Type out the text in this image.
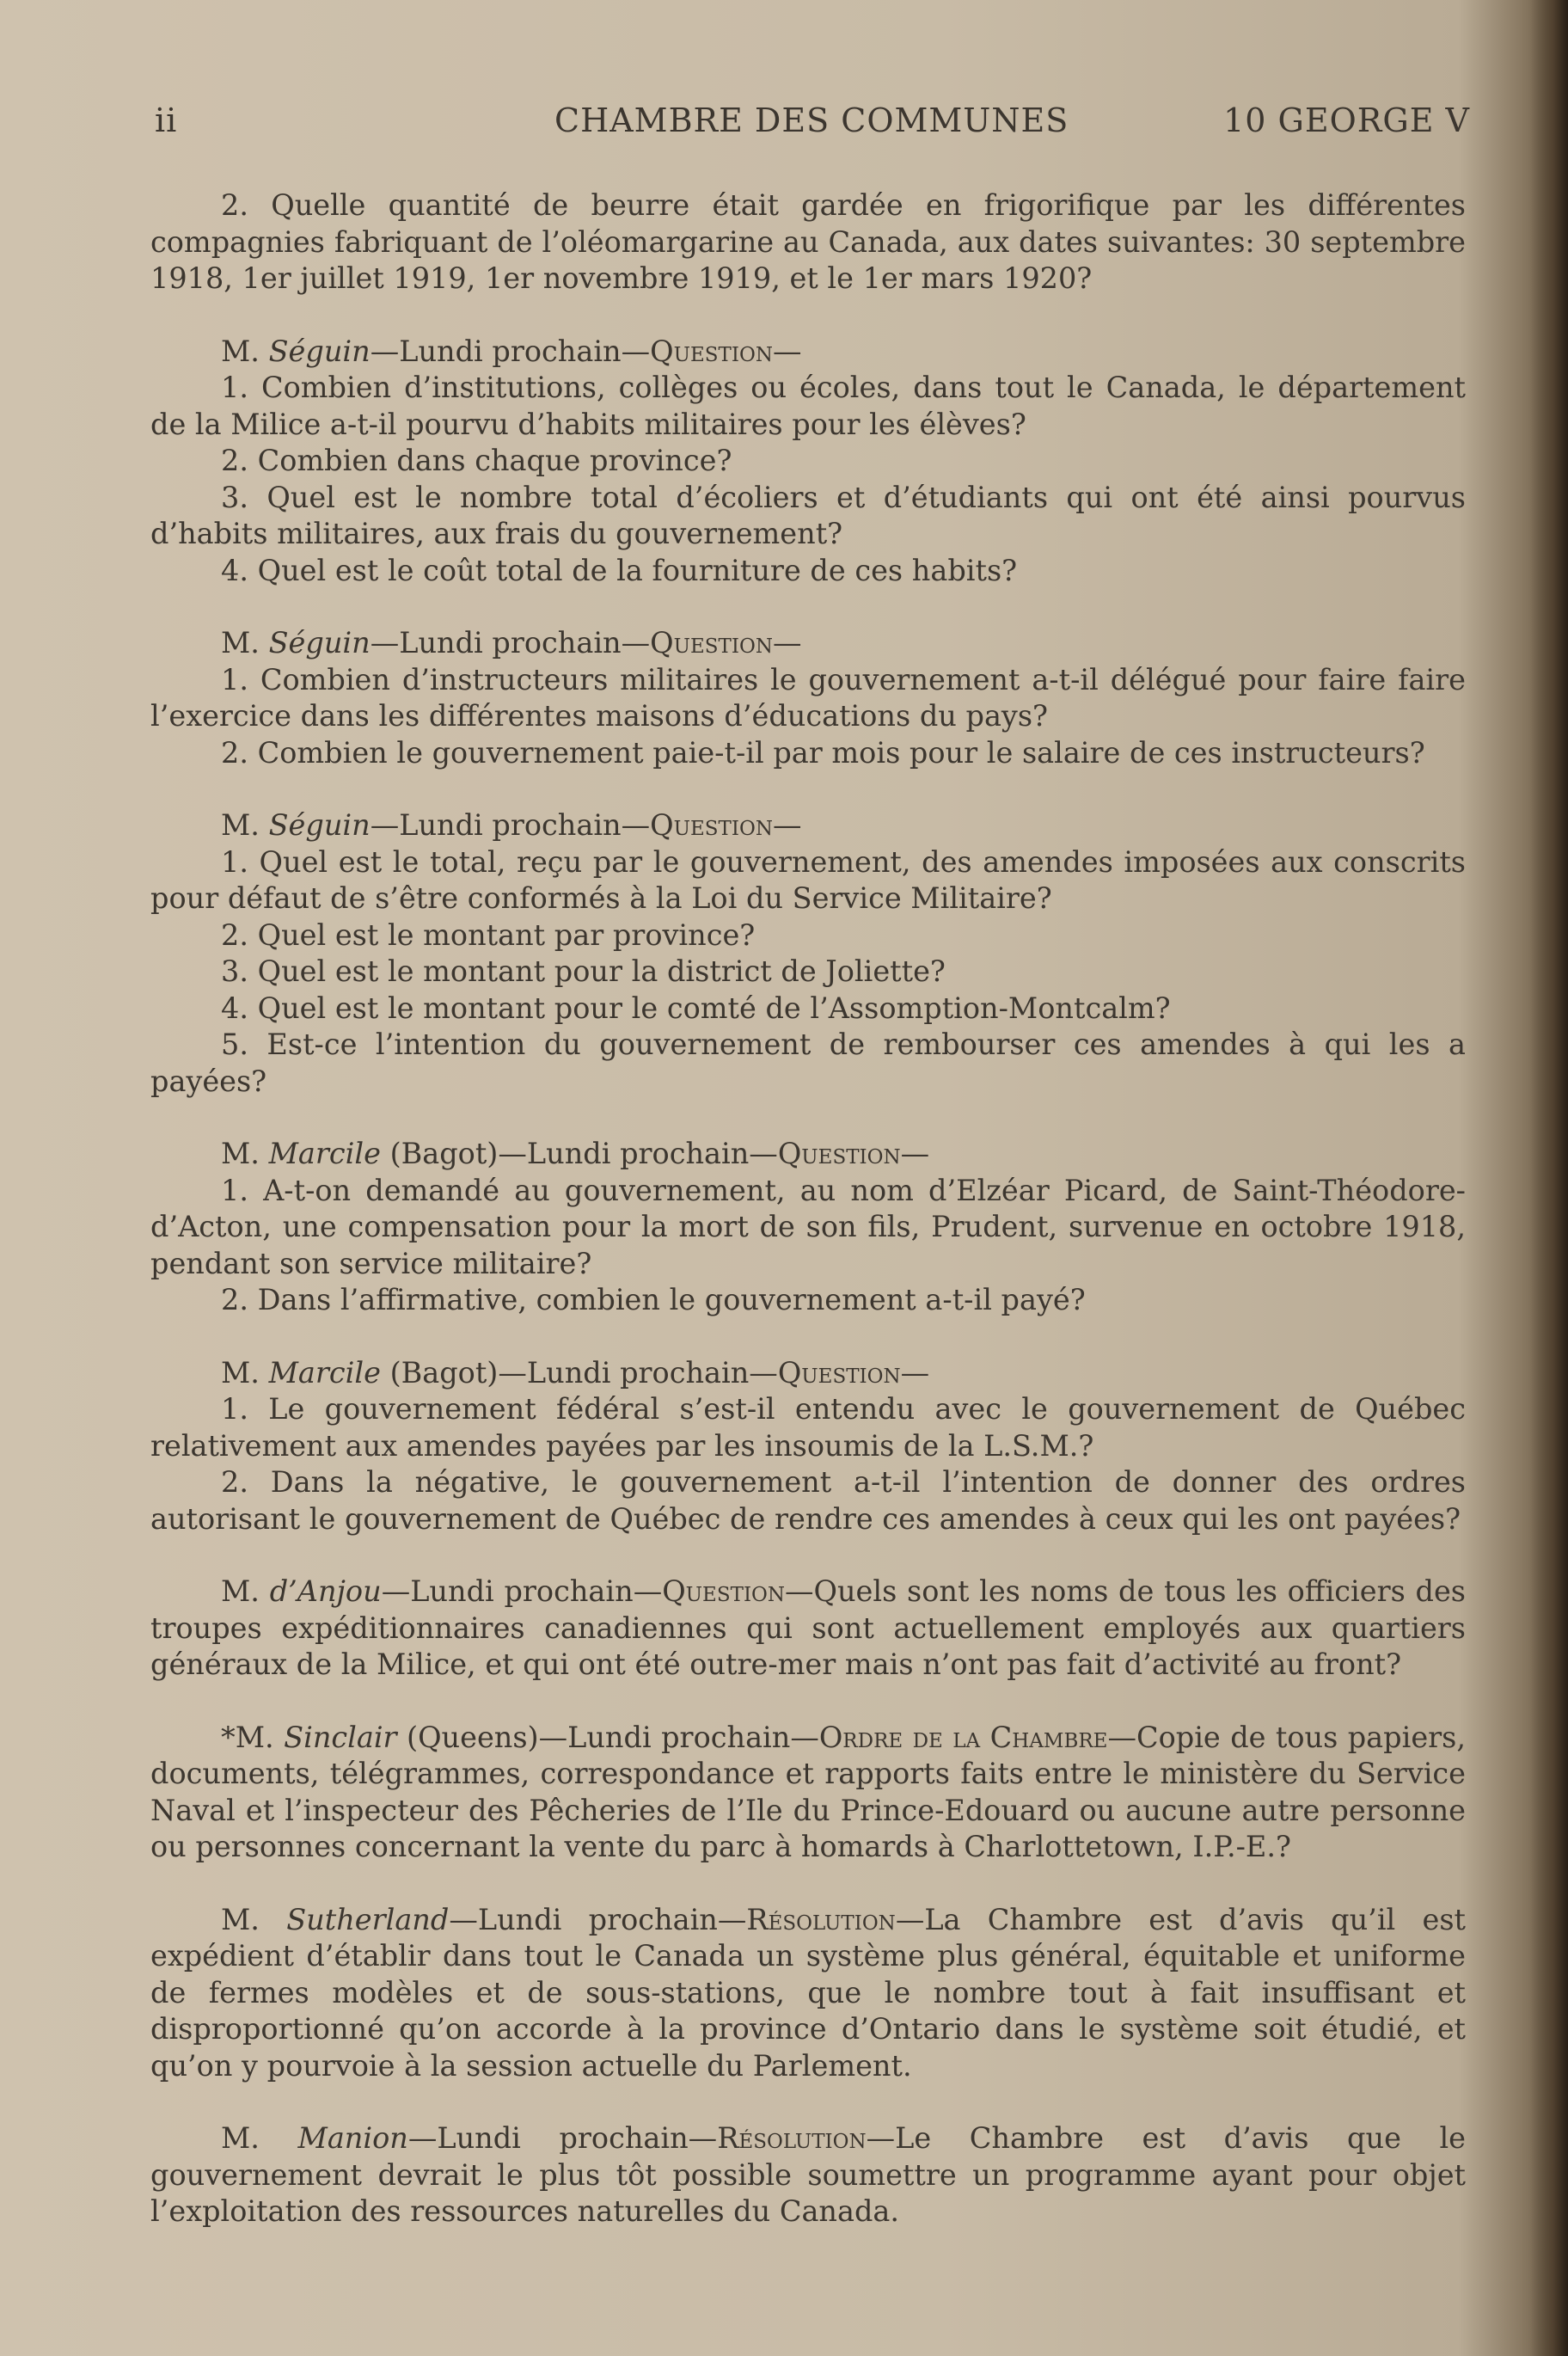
ii	CHAMBRE DES COMMUNES	10 GEORGE V

2. Quelle quantité de beurre était gardée en frigorifique par les différentes compagnies fabriquant de l’oléomargarine au Canada, aux dates suivantes: 30 septembre 1918, 1er juillet 1919, 1er novembre 1919, et le 1er mars 1920?

M. Séguin—Lundi prochain—Question—

1. Combien d’institutions, collèges ou écoles, dans tout le Canada, le département de la Milice a-t-il pourvu d’habits militaires pour les élèves?

2. Combien dans chaque province?

3. Quel est le nombre total d’écoliers et d’étudiants qui ont été ainsi pourvus d’habits militaires, aux frais du gouvernement?

4. Quel est le coût total de la fourniture de ces habits?

M. Séguin—Lundi prochain—Question—

1. Combien d’instructeurs militaires le gouvernement a-t-il délégué pour faire faire l’exercice dans les différentes maisons d’éducations du pays?

2. Combien le gouvernement paie-t-il par mois pour le salaire de ces instructeurs?

M. Séguin—Lundi prochain—Question—

1. Quel est le total, reçu par le gouvernement, des amendes imposées aux conscrits pour défaut de s’être conformés à la Loi du Service Militaire?

2. Quel est le montant par province?

3. Quel est le montant pour la district de Joliette?

4. Quel est le montant pour le comté de l’Assomption-Montcalm?

5. Est-ce l’intention du gouvernement de rembourser ces amendes à qui les a payées?

M. Marcile (Bagot)—Lundi prochain—Question—

1. A-t-on demandé au gouvernement, au nom d’Elzéar Picard, de Saint-Théodore-d’Acton, une compensation pour la mort de son fils, Prudent, survenue en octobre 1918, pendant son service militaire?

2. Dans l’affirmative, combien le gouvernement a-t-il payé?

M. Marcile (Bagot)—Lundi prochain—Question—

1. Le gouvernement fédéral s’est-il entendu avec le gouvernement de Québec relativement aux amendes payées par les insoumis de la L.S.M.?

2. Dans la négative, le gouvernement a-t-il l’intention de donner des ordres autorisant le gouvernement de Québec de rendre ces amendes à ceux qui les ont payées?

M. d’Anjou—Lundi prochain—Question—Quels sont les noms de tous les officiers des troupes expéditionnaires canadiennes qui sont actuellement employés aux quartiers généraux de la Milice, et qui ont été outre-mer mais n’ont pas fait d’activité au front?

*M. Sinclair (Queens)—Lundi prochain—Ordre de la Chambre—Copie de tous papiers, documents, télégrammes, correspondance et rapports faits entre le ministère du Service Naval et l’inspecteur des Pêcheries de l’Ile du Prince-Edouard ou aucune autre personne ou personnes concernant la vente du parc à homards à Charlottetown, I.P.-E.?

M. Sutherland—Lundi prochain—Résolution—La Chambre est d’avis qu’il est expédient d’établir dans tout le Canada un système plus général, équitable et uniforme de fermes modèles et de sous-stations, que le nombre tout à fait insuffisant et disproportionné qu’on accorde à la province d’Ontario dans le système soit étudié, et qu’on y pourvoie à la session actuelle du Parlement.

M. Manion—Lundi prochain—Résolution—Le Chambre est d’avis que le gouvernement devrait le plus tôt possible soumettre un programme ayant pour objet l’exploitation des ressources naturelles du Canada.
